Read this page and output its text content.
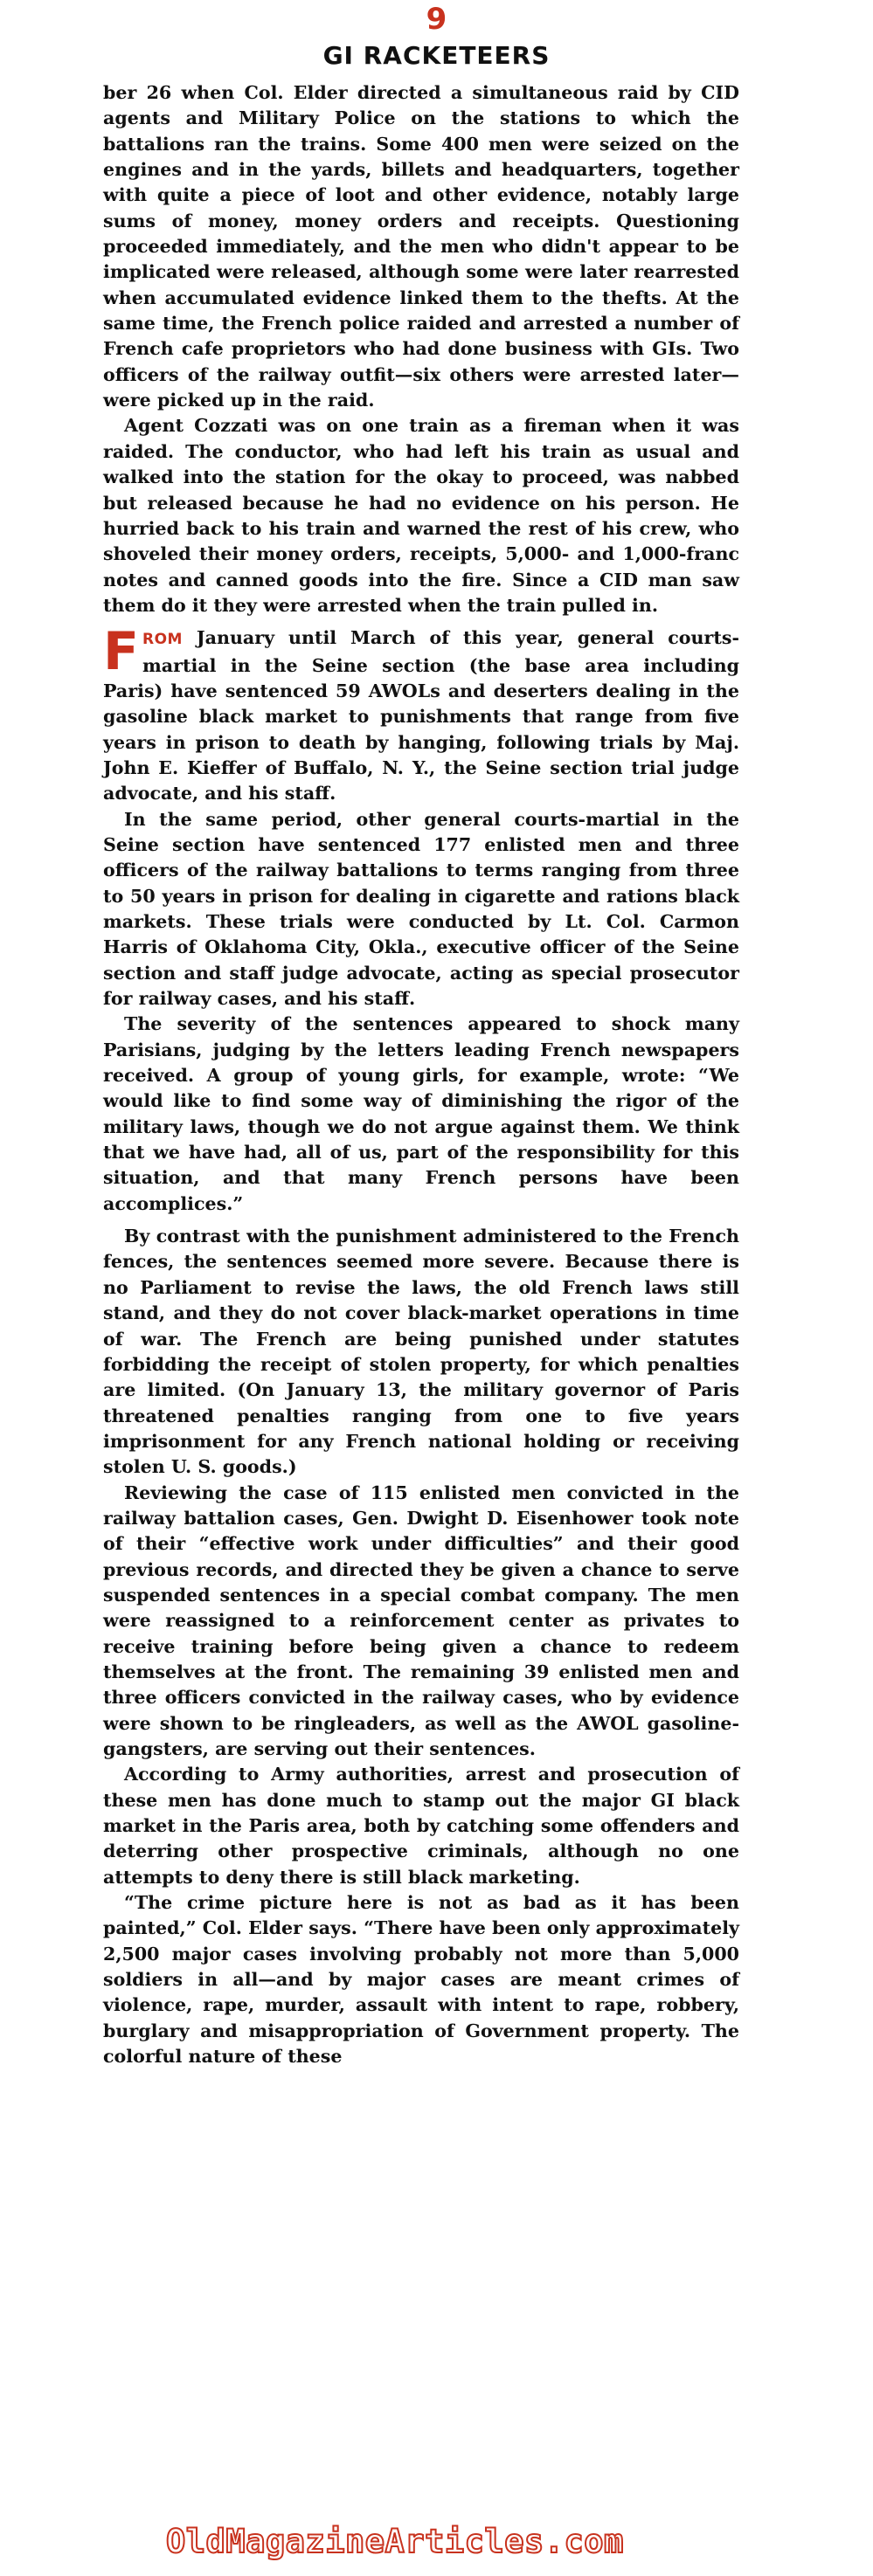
9
GI RACKETEERS

ber 26 when Col. Elder directed a simultaneous raid by CID agents and Military Police on the stations to which the battalions ran the trains. Some 400 men were seized on the engines and in the yards, billets and headquarters, together with quite a piece of loot and other evidence, notably large sums of money, money orders and receipts. Questioning proceeded immediately, and the men who didn't appear to be implicated were released, although some were later rearrested when accumulated evidence linked them to the thefts. At the same time, the French police raided and arrested a number of French cafe proprietors who had done business with GIs. Two officers of the railway outfit—six others were arrested later—were picked up in the raid.

Agent Cozzati was on one train as a fireman when it was raided. The conductor, who had left his train as usual and walked into the station for the okay to proceed, was nabbed but released because he had no evidence on his person. He hurried back to his train and warned the rest of his crew, who shoveled their money orders, receipts, 5,000- and 1,000-franc notes and canned goods into the fire. Since a CID man saw them do it they were arrested when the train pulled in.

FROM January until March of this year, general courts-martial in the Seine section (the base area including Paris) have sentenced 59 AWOLs and deserters dealing in the gasoline black market to punishments that range from five years in prison to death by hanging, following trials by Maj. John E. Kieffer of Buffalo, N. Y., the Seine section trial judge advocate, and his staff.

In the same period, other general courts-martial in the Seine section have sentenced 177 enlisted men and three officers of the railway battalions to terms ranging from three to 50 years in prison for dealing in cigarette and rations black markets. These trials were conducted by Lt. Col. Carmon Harris of Oklahoma City, Okla., executive officer of the Seine section and staff judge advocate, acting as special prosecutor for railway cases, and his staff.

The severity of the sentences appeared to shock many Parisians, judging by the letters leading French newspapers received. A group of young girls, for example, wrote: “We would like to find some way of diminishing the rigor of the military laws, though we do not argue against them. We think that we have had, all of us, part of the responsibility for this situation, and that many French persons have been accomplices.”

By contrast with the punishment administered to the French fences, the sentences seemed more severe. Because there is no Parliament to revise the laws, the old French laws still stand, and they do not cover black-market operations in time of war. The French are being punished under statutes forbidding the receipt of stolen property, for which penalties are limited. (On January 13, the military governor of Paris threatened penalties ranging from one to five years imprisonment for any French national holding or receiving stolen U. S. goods.)

Reviewing the case of 115 enlisted men convicted in the railway battalion cases, Gen. Dwight D. Eisenhower took note of their “effective work under difficulties” and their good previous records, and directed they be given a chance to serve suspended sentences in a special combat company. The men were reassigned to a reinforcement center as privates to receive training before being given a chance to redeem themselves at the front. The remaining 39 enlisted men and three officers convicted in the railway cases, who by evidence were shown to be ringleaders, as well as the AWOL gasoline-gangsters, are serving out their sentences.

According to Army authorities, arrest and prosecution of these men has done much to stamp out the major GI black market in the Paris area, both by catching some offenders and deterring other prospective criminals, although no one attempts to deny there is still black marketing.

“The crime picture here is not as bad as it has been painted,” Col. Elder says. “There have been only approximately 2,500 major cases involving probably not more than 5,000 soldiers in all—and by major cases are meant crimes of violence, rape, murder, assault with intent to rape, robbery, burglary and misappropriation of Government property. The colorful nature of these

OldMagazineArticles.com
